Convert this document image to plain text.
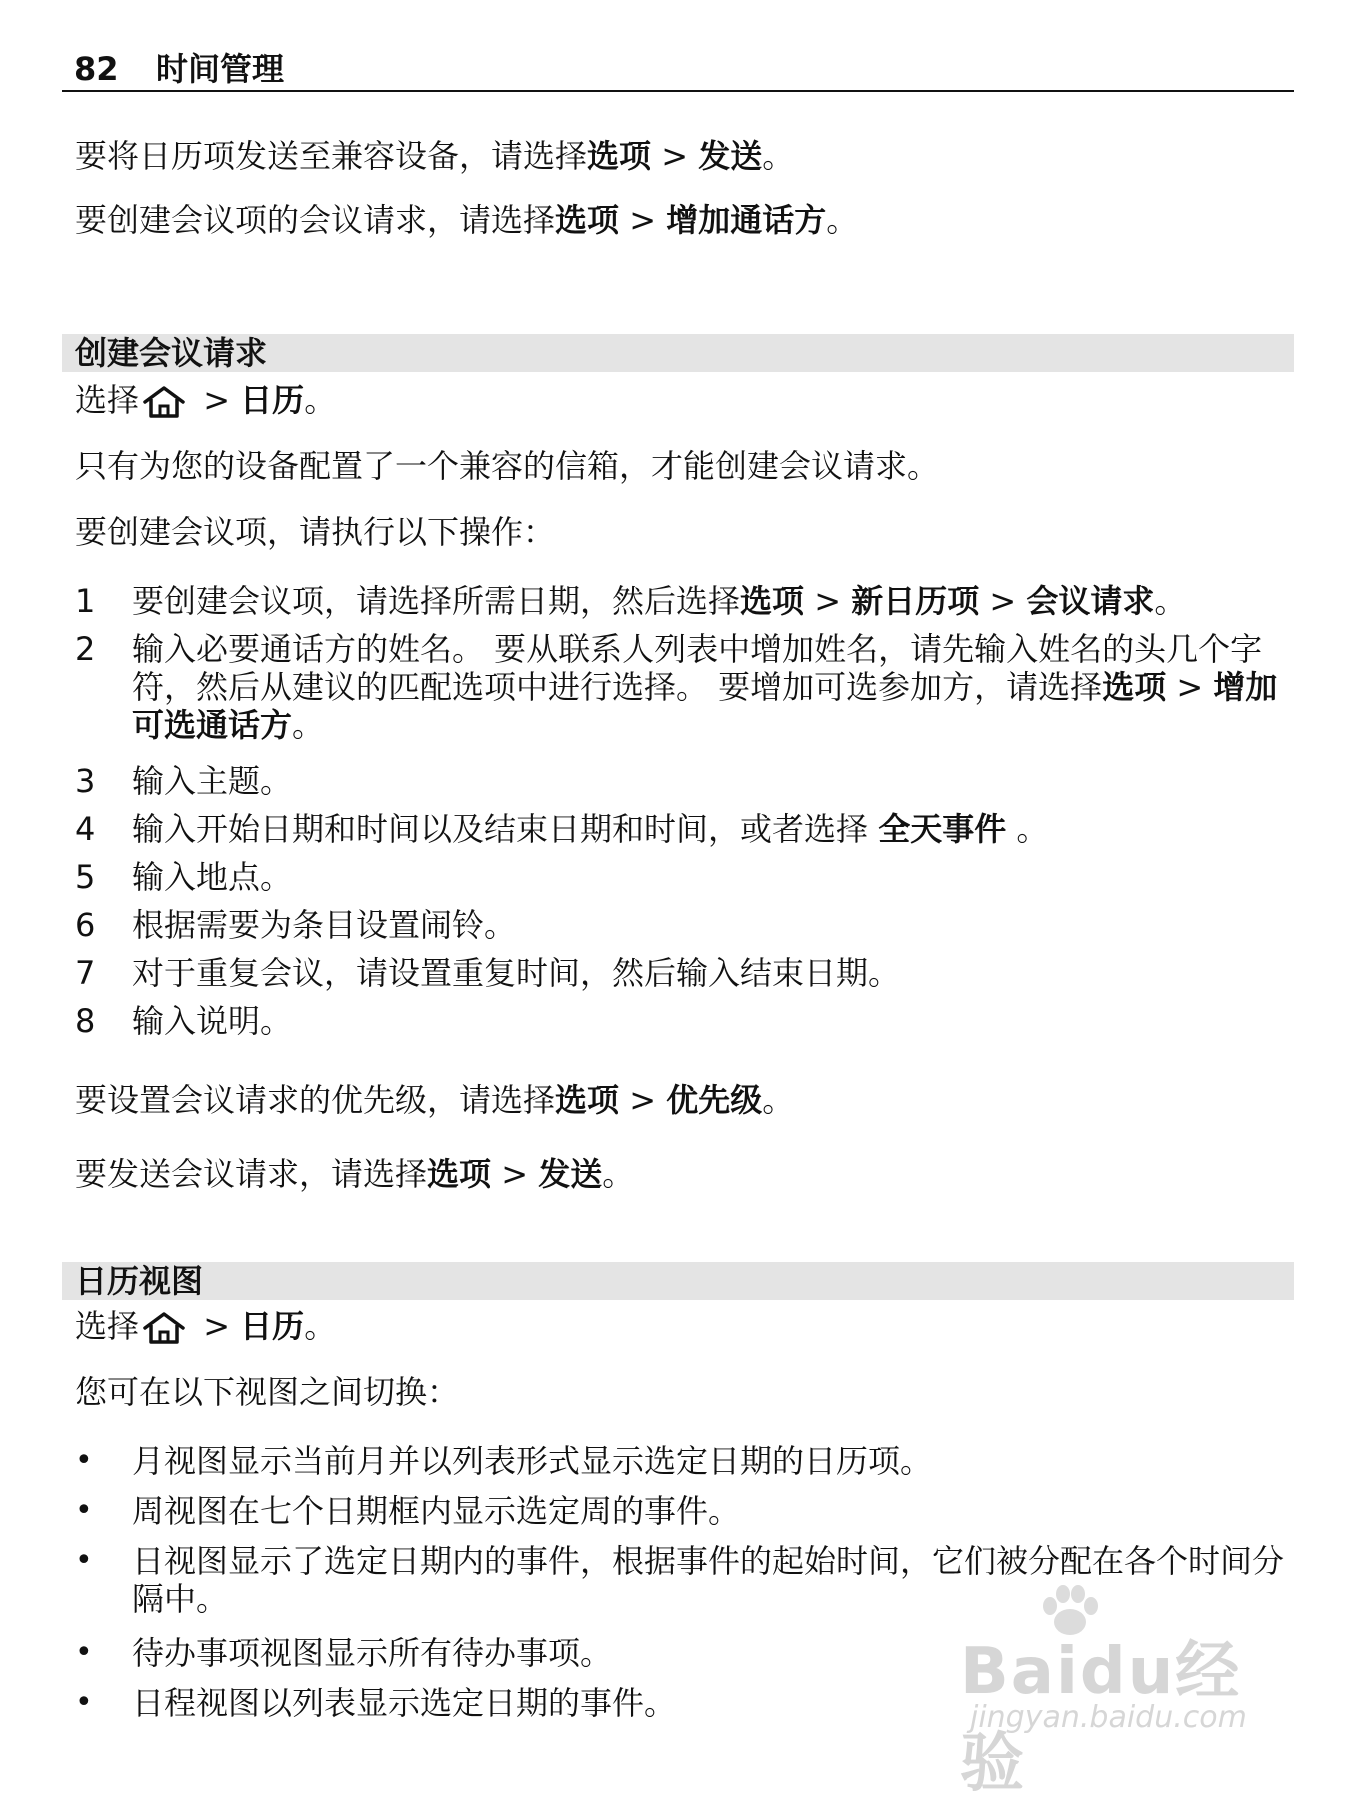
82 时间管理
要将日历项发送至兼容设备，请选择选项 > 发送。
要创建会议项的会议请求，请选择选项 > 增加通话方。
创建会议请求
选择 > 日历。
只有为您的设备配置了一个兼容的信箱，才能创建会议请求。
要创建会议项，请执行以下操作：
1	要创建会议项，请选择所需日期，然后选择选项 > 新日历项 > 会议请求。
2	输入必要通话方的姓名。 要从联系人列表中增加姓名，请先输入姓名的头几个字符，然后从建议的匹配选项中进行选择。 要增加可选参加方，请选择选项 > 增加可选通话方。
3	输入主题。
4	输入开始日期和时间以及结束日期和时间，或者选择 全天事件 。
5	输入地点。
6	根据需要为条目设置闹铃。
7	对于重复会议，请设置重复时间，然后输入结束日期。
8	输入说明。
要设置会议请求的优先级，请选择选项 > 优先级。
要发送会议请求，请选择选项 > 发送。
日历视图
选择 > 日历。
您可在以下视图之间切换：
•	月视图显示当前月并以列表形式显示选定日期的日历项。
•	周视图在七个日期框内显示选定周的事件。
•	日视图显示了选定日期内的事件，根据事件的起始时间，它们被分配在各个时间分隔中。
•	待办事项视图显示所有待办事项。
•	日程视图以列表显示选定日期的事件。	Baidu经验
jingyan.baidu.com
